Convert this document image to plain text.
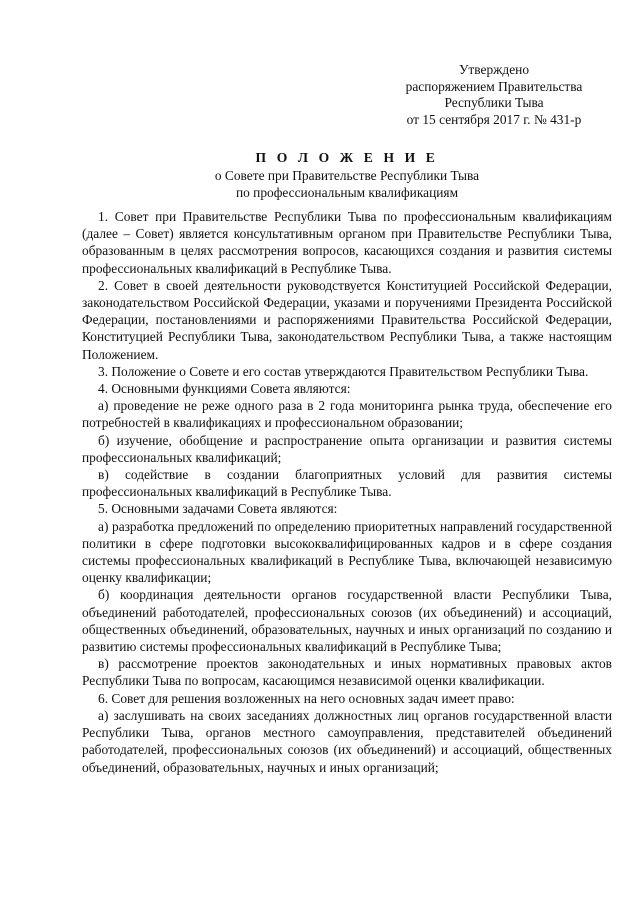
Утверждено
распоряжением Правительства
Республики Тыва
от 15 сентября 2017 г. № 431-р
П О Л О Ж Е Н И Е
о Совете при Правительстве Республики Тыва
по профессиональным квалификациям

1. Совет при Правительстве Республики Тыва по профессиональным квалификациям (далее – Совет) является консультативным органом при Правительстве Республики Тыва, образованным в целях рассмотрения вопросов, касающихся создания и развития системы профессиональных квалификаций в Республике Тыва.

2. Совет в своей деятельности руководствуется Конституцией Российской Федерации, законодательством Российской Федерации, указами и поручениями Президента Российской Федерации, постановлениями и распоряжениями Правительства Российской Федерации, Конституцией Республики Тыва, законодательством Республики Тыва, а также настоящим Положением.

3. Положение о Совете и его состав утверждаются Правительством Республики Тыва.

4. Основными функциями Совета являются:

а) проведение не реже одного раза в 2 года мониторинга рынка труда, обеспечение его потребностей в квалификациях и профессиональном образовании;

б) изучение, обобщение и распространение опыта организации и развития системы профессиональных квалификаций;

в) содействие в создании благоприятных условий для развития системы профессиональных квалификаций в Республике Тыва.

5. Основными задачами Совета являются:

а) разработка предложений по определению приоритетных направлений государственной политики в сфере подготовки высококвалифицированных кадров и в сфере создания системы профессиональных квалификаций в Республике Тыва, включающей независимую оценку квалификации;

б) координация деятельности органов государственной власти Республики Тыва, объединений работодателей, профессиональных союзов (их объединений) и ассоциаций, общественных объединений, образовательных, научных и иных организаций по созданию и развитию системы профессиональных квалификаций в Республике Тыва;

в) рассмотрение проектов законодательных и иных нормативных правовых актов Республики Тыва по вопросам, касающимся независимой оценки квалификации.

6. Совет для решения возложенных на него основных задач имеет право:

а) заслушивать на своих заседаниях должностных лиц органов государственной власти Республики Тыва, органов местного самоуправления, представителей объединений работодателей, профессиональных союзов (их объединений) и ассоциаций, общественных объединений, образовательных, научных и иных организаций;
